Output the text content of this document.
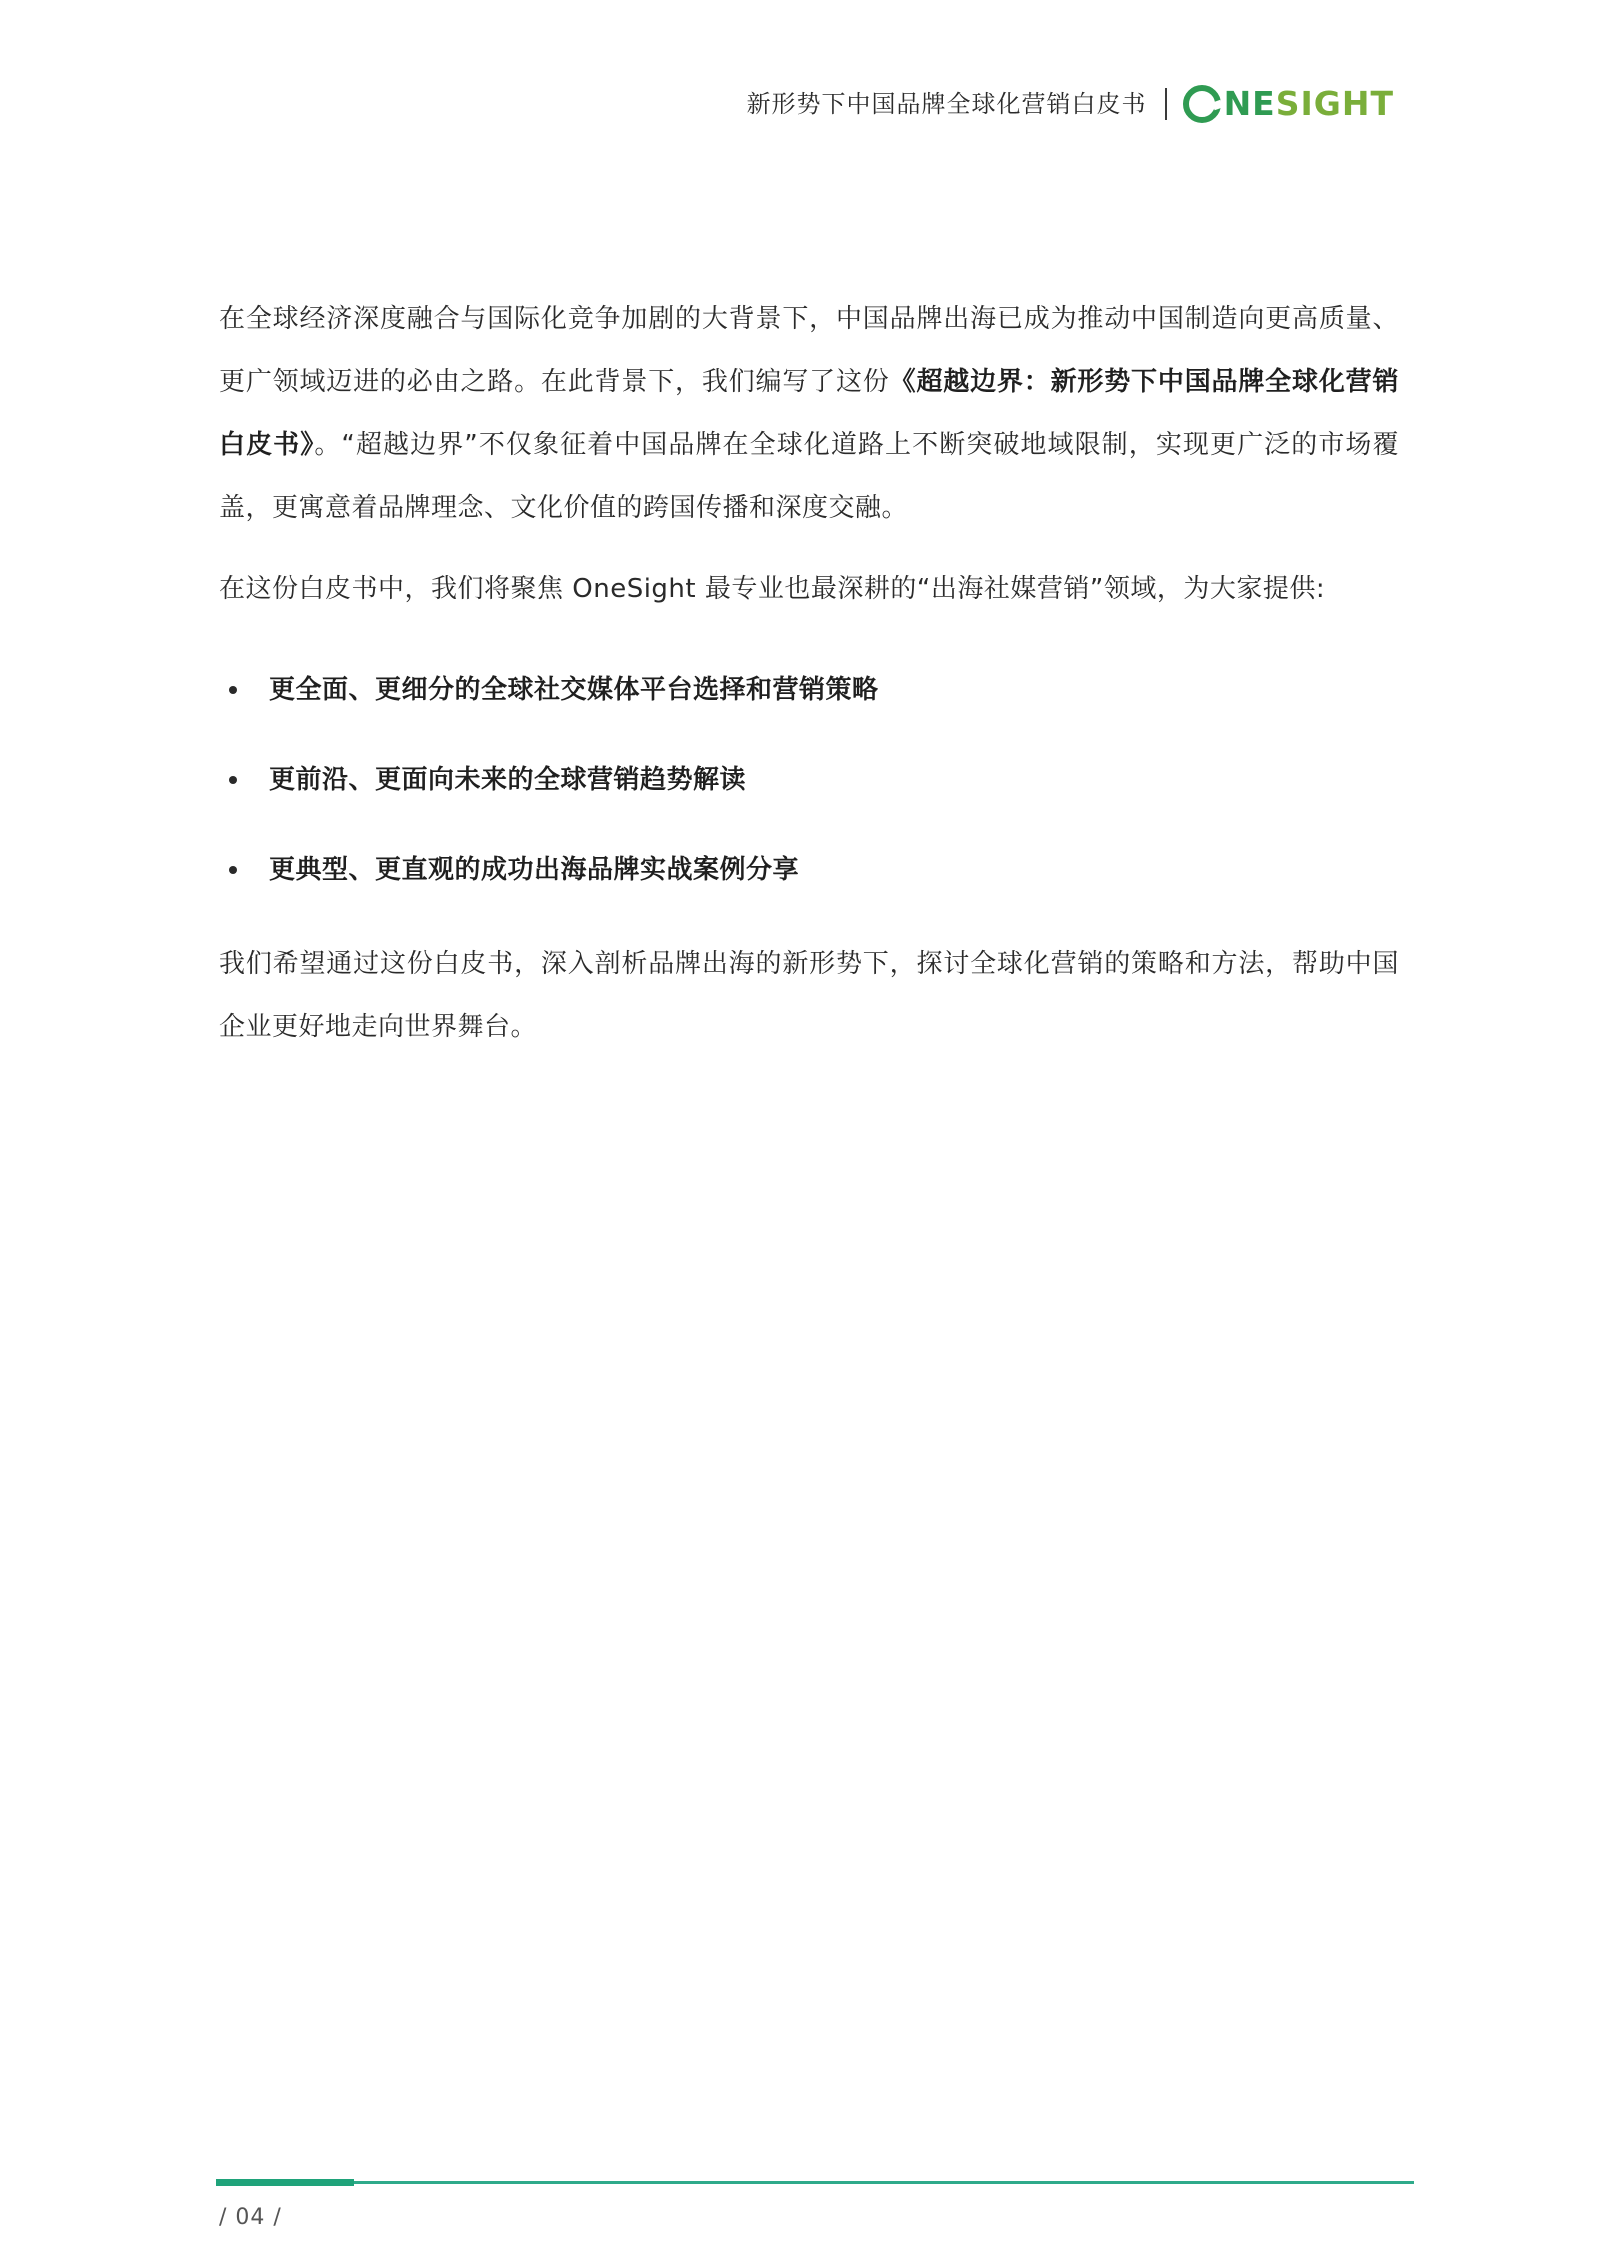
新形势下中国品牌全球化营销白皮书 NE SIGHT

在全球经济深度融合与国际化竞争加剧的大背景下，中国品牌出海已成为推动中国制造向更高质量、更广领域迈进的必由之路。在此背景下，我们编写了这份《超越边界：新形势下中国品牌全球化营销白皮书》。“超越边界”不仅象征着中国品牌在全球化道路上不断突破地域限制，实现更广泛的市场覆盖，更寓意着品牌理念、文化价值的跨国传播和深度交融。

在这份白皮书中，我们将聚焦 OneSight 最专业也最深耕的“出海社媒营销”领域，为大家提供:

更全面、更细分的全球社交媒体平台选择和营销策略
更前沿、更面向未来的全球营销趋势解读
更典型、更直观的成功出海品牌实战案例分享

我们希望通过这份白皮书，深入剖析品牌出海的新形势下，探讨全球化营销的策略和方法，帮助中国企业更好地走向世界舞台。

/ 04 /
